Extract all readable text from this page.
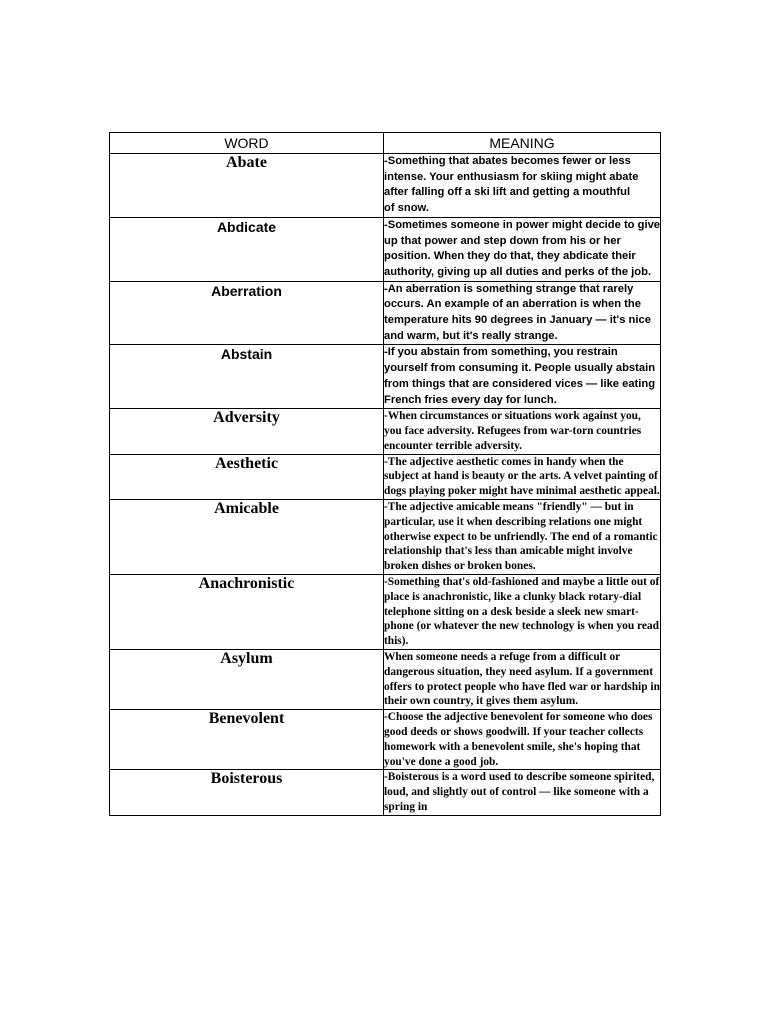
WORD	MEANING
Abate	-Something that abates becomes fewer or less intense. Your enthusiasm for skiing might abate after falling off a ski lift and getting a mouthful of snow.

Abdicate	-Sometimes someone in power might decide to give up that power and step down from his or her position. When they do that, they abdicate their authority, giving up all duties and perks of the job.

Aberration	-An aberration is something strange that rarely occurs. An example of an aberration is when the temperature hits 90 degrees in January — it's nice and warm, but it's really strange.

Abstain	-If you abstain from something, you restrain yourself from consuming it. People usually abstain from things that are considered vices — like eating French fries every day for lunch.

Adversity	-When circumstances or situations work against you, you face adversity. Refugees from war-torn countries encounter terrible adversity.

Aesthetic	-The adjective aesthetic comes in handy when the subject at hand is beauty or the arts. A velvet painting of dogs playing poker might have minimal aesthetic appeal.

Amicable	-The adjective amicable means "friendly" — but in particular, use it when describing relations one might otherwise expect to be unfriendly. The end of a romantic relationship that's less than amicable might involve broken dishes or broken bones.

Anachronistic	-Something that's old-fashioned and maybe a little out of place is anachronistic, like a clunky black rotary-dial telephone sitting on a desk beside a sleek new smart-phone (or whatever the new technology is when you read this).

Asylum	When someone needs a refuge from a difficult or dangerous situation, they need asylum. If a government offers to protect people who have fled war or hardship in their own country, it gives them asylum.

Benevolent	-Choose the adjective benevolent for someone who does good deeds or shows goodwill. If your teacher collects homework with a benevolent smile, she's hoping that you've done a good job.

Boisterous	-Boisterous is a word used to describe someone spirited, loud, and slightly out of control — like someone with a spring in
